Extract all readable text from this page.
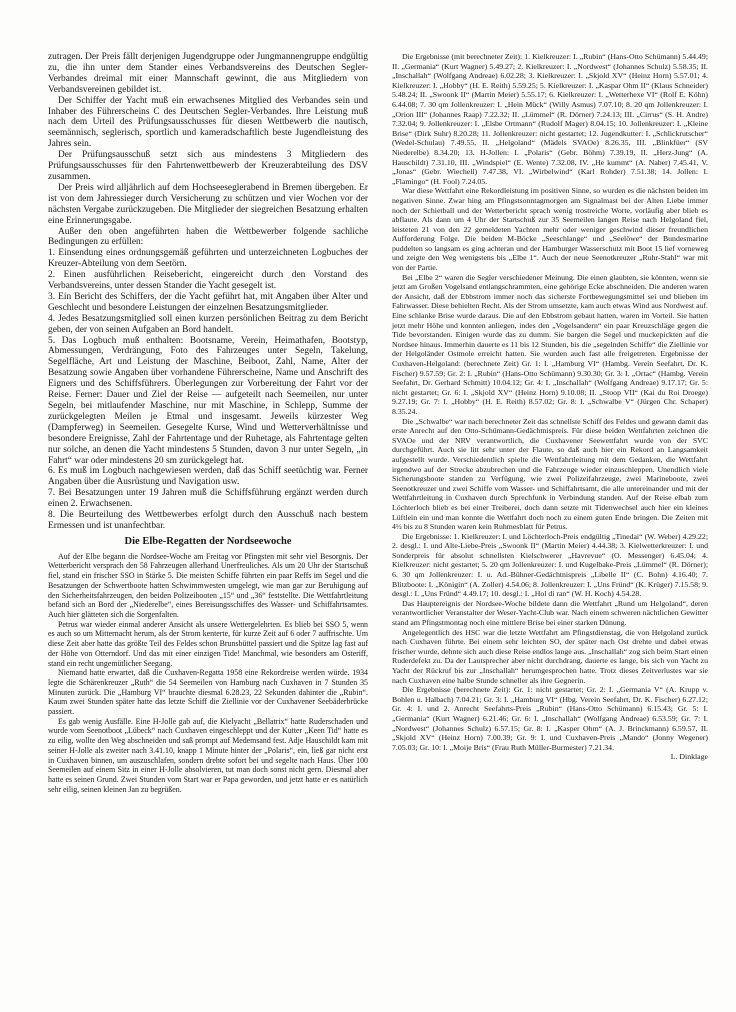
zutragen. Der Preis fällt derjenigen Jugendgruppe oder Jungmannengruppe endgültig zu, die ihn unter dem Stander eines Verbandsvereins des Deutschen Segler-Verbandes dreimal mit einer Mannschaft gewinnt, die aus Mitgliedern von Verbandsvereinen gebildet ist.

Der Schiffer der Yacht muß ein erwachsenes Mitglied des Verbandes sein und Inhaber des Führerscheins C des Deutschen Segler-Verbandes. Ihre Leistung muß nach dem Urteil des Prüfungsausschusses für diesen Wettbewerb die nautisch, seemännisch, seglerisch, sportlich und kameradschaftlich beste Jugendleistung des Jahres sein.

Der Prüfungsausschuß setzt sich aus mindestens 3 Mitgliedern des Prüfungsausschusses für den Fahrtenwettbewerb der Kreuzerabteilung des DSV zusammen.

Der Preis wird alljährlich auf dem Hochseeseglerabend in Bremen übergeben. Er ist von dem Jahressieger durch Versicherung zu schützen und vier Wochen vor der nächsten Vergabe zurückzugeben. Die Mitglieder der siegreichen Besatzung erhalten eine Erinnerungsgabe.

Außer den oben angeführten haben die Wettbewerber folgende sachliche Bedingungen zu erfüllen:

1. Einsendung eines ordnungsgemäß geführten und unterzeichneten Logbuches der Kreuzer-Abteilung von dem Seetörn.

2. Einen ausführlichen Reisebericht, eingereicht durch den Vorstand des Verbandsvereins, unter dessen Stander die Yacht gesegelt ist.

3. Ein Bericht des Schiffers, der die Yacht geführt hat, mit Angaben über Alter und Geschlecht und besondere Leistungen der einzelnen Besatzungsmitglieder.

4. Jedes Besatzungsmitglied soll einen kurzen persönlichen Beitrag zu dem Bericht geben, der von seinen Aufgaben an Bord handelt.

5. Das Logbuch muß enthalten: Bootsname, Verein, Heimathafen, Bootstyp, Abmessungen, Verdrängung, Foto des Fahrzeuges unter Segeln, Takelung, Segelfläche, Art und Leistung der Maschine, Beiboot, Zahl, Name, Alter der Besatzung sowie Angaben über vorhandene Führerscheine, Name und Anschrift des Eigners und des Schiffsführers. Überlegungen zur Vorbereitung der Fahrt vor der Reise. Ferner: Dauer und Ziel der Reise — aufgeteilt nach Seemeilen, nur unter Segeln, bei mitlaufender Maschine, nur mit Maschine, in Schlepp, Summe der zurückgelegten Meilen je Etmal und insgesamt. Jeweils kürzester Weg (Dampferweg) in Seemeilen. Gesegelte Kurse, Wind und Wetterverhältnisse und besondere Ereignisse, Zahl der Fahrtentage und der Ruhetage, als Fahrtentage gelten nur solche, an denen die Yacht mindestens 5 Stunden, davon 3 nur unter Segeln, „in Fahrt“ war oder mindestens 20 sm zurückgelegt hat.

6. Es muß im Logbuch nachgewiesen werden, daß das Schiff seetüchtig war. Ferner Angaben über die Ausrüstung und Navigation usw.

7. Bei Besatzungen unter 19 Jahren muß die Schiffsführung ergänzt werden durch einen 2. Erwachsenen.

8. Die Beurteilung des Wettbewerbes erfolgt durch den Ausschuß nach bestem Ermessen und ist unanfechtbar.

Die Elbe-Regatten der Nordseewoche

Auf der Elbe begann die Nordsee-Woche am Freitag vor Pfingsten mit sehr viel Besorgnis. Der Wetterbericht versprach den 58 Fahrzeugen allerhand Unerfreuliches. Als um 20 Uhr der Startschuß fiel, stand ein frischer SSO in Stärke 5. Die meisten Schiffe führten ein paar Reffs im Segel und die Besatzungen der Schwertboote hatten Schwimmwesten umgelegt, wie man gar zur Beruhigung auf den Sicherheitsfahrzeugen, den beiden Polizeibooten „15“ und „36“ feststellte. Die Wettfahrtleitung befand sich an Bord der „Niederelbe“, eines Bereisungsschiffes des Wasser- und Schiffahrtsamtes. Auch hier glätteten sich die Sorgenfalten.

Petrus war wieder einmal anderer Ansicht als unsere Wettergelehrten. Es blieb bei SSO 5, wenn es auch so um Mitternacht herum, als der Strom kenterte, für kurze Zeit auf 6 oder 7 auffrischte. Um diese Zeit aber hatte das größte Teil des Feldes schon Brunsbüttel passiert und die Spitze lag fast auf der Höhe von Otterndorf. Und das mit einer einzigen Tide! Manchmal, wie besonders am Osteriff, stand ein recht ungemütlicher Seegang.

Niemand hatte erwartet, daß die Cuxhaven-Regatta 1958 eine Rekordreise werden würde. 1934 legte die Schärenkreuzer „Ruth“ die 54 Seemeilen von Hamburg nach Cuxhaven in 7 Stunden 35 Minuten zurück. Die „Hamburg VI“ brauchte diesmal 6.28.23, 22 Sekunden dahinter die „Rubin“. Kaum zwei Stunden später hatte das letzte Schiff die Ziellinie vor der Cuxhavener Seebäderbrücke passiert.

Es gab wenig Ausfälle. Eine H-Jolle gab auf, die Kielyacht „Bellatrix“ hatte Ruderschaden und wurde vom Seenotboot „Lübeck“ nach Cuxhaven eingeschleppt und der Kutter „Keen Tid“ hatte es zu eilig, wollte den Weg abschneiden und saß prompt auf Medemsand fest. Adje Hauschildt kam mit seiner H-Jolle als zweiter nach 3.41.10, knapp 1 Minute hinter der „Polaris“, ein, ließ gar nicht erst in Cuxhaven binnen, um auszuschlafen, sondern drehte sofort bei und segelte nach Haus. Über 100 Seemeilen auf einem Sitz in einer H-Jolle absolvieren, tut man doch sonst nicht gern. Diesmal aber hatte es seinen Grund. Zwei Stunden vom Start war er Papa geworden, und jetzt hatte er es natürlich sehr eilig, seinen kleinen Jan zu begrüßen.

Die Ergebnisse (mit berechneter Zeit): 1. Kielkreuzer: I. „Rubin“ (Hans-Otto Schümann) 5.44.49; II. „Germania“ (Kurt Wagner) 5.49.27; 2. Kielkreuzer: I. „Nordwest“ (Johannes Schulz) 5.58.35; II. „Inschallah“ (Wolfgang Andreae) 6.02.28; 3. Kielkreuzer: I. „Skjold XV“ (Heinz Horn) 5.57.01; 4. Kielkreuzer: I. „Hobby“ (H. E. Reith) 5.59.25; 5. Kielkreuzer: I. „Kaspar Ohm II“ (Klaus Schneider) 5.48.24; II. „Swoonk II“ (Martin Meier) 5.55.17; 6. Kielkreuzer: I. „Wetterhexe VI“ (Rolf E. Köhn) 6.44.08; 7. 30 qm Jollenkreuzer: I. „Hein Mück“ (Willy Asmus) 7.07.10; 8. 20 qm Jollenkreuzer: I. „Orion III“ (Johannes Raap) 7.22.32; II. „Lümmel“ (R. Dörner) 7.24.13; III. „Cirrus“ (S. H. Andre) 7.32.04; 9. Jollenkreuzer: I. „Elsbe Ortmann“ (Rudolf Mager) 8.04.15; 10. Jollenkreuzer: I. „Kleine Brise“ (Dirk Suhr) 8.20.28; 11. Jollenkreuzer: nicht gestartet; 12. Jugendkutter: I. „Schlickrutscher“ (Wedel-Schulau) 7.49.55, II. „Helgoland“ (Mädels SVAOe) 8.26.35, III. „Blinkfüer“ (SV Niederelbe) 8.34.20; 13. H-Jollen: I. „Polaris“ (Gebr. Böhm) 7.39.19, II. „Herz-Jung“ (A. Hauschildt) 7.31.10, III. „Windspiel“ (E. Wente) 7.32.08, IV. „He kummt“ (A. Naber) 7.45.41, V. „Jonas“ (Gebr. Wiechell) 7.47.38, VI. „Wirbelwind“ (Karl Rohder) 7.51.38; 14. Jollen: I. „Flamingo“ (H. Fool) 7.24.05.

War diese Wettfahrt eine Rekordleistung im positiven Sinne, so wurden es die nächsten beiden im negativen Sinne. Zwar hing am Pfingstsonntagmorgen am Signalmast bei der Alten Liebe immer noch der Schietball und der Wetterbericht sprach wenig trostreiche Worte, vorläufig aber blieb es abflaute. Als dann um 4 Uhr der Startschuß zur 35 Seemeilen langen Reise nach Helgoland fiel, leisteten 21 von den 22 gemeldeten Yachten mehr oder weniger geschwind dieser freundlichen Aufforderung Folge. Die beiden M-Böcke „Seeschlange“ und „Seelöwe“ der Bundesmarine puddelten so langsam es ging achteran und der Hamburger Wasserschutz mit Boot 15 lief vorneweg und zeigte den Weg wenigstens bis „Elbe 1“. Auch der neue Seenotkreuzer „Ruhr-Stahl“ war mit von der Partie.

Bei „Elbe 2“ waren die Segler verschiedener Meinung. Die einen glaubten, sie könnten, wenn sie jetzt am Großen Vogelsand entlangschrammten, eine gehörige Ecke abschneiden. Die anderen waren der Ansicht, daß der Ebbstrom immer noch das sicherste Fortbewegungsmittel sei und blieben im Fahrwasser. Diese behielten Recht. Als der Strom umsetzte, kam auch etwas Wind aus Nordwest auf. Eine schlanke Brise wurde daraus. Die auf den Ebbstrom gebaut hatten, waren im Vorteil. Sie hatten jetzt mehr Höhe und konnten anliegen, indes den „Vogelsandern“ ein paar Kreuzschläge gegen die Tide bevorstanden. Einigen wurde das zu dumm. Sie bargen die Segel und muckepickten auf die Nordsee hinaus. Immerhin dauerte es 11 bis 12 Stunden, bis die „segelnden Schiffe“ die Ziellinie vor der Helgoländer Ostmole erreicht hatten. Sie wurden auch fast alle freigetreten. Ergebnisse der Cuxhaven-Helgoland: (berechnete Zeit) Gr. 1: I. „Hamburg VI“ (Hambg. Verein Seefahrt, Dr. K. Fischer) 9.57.59; Gr. 2: I. „Rubin“ (Hans-Otto Schümann) 9.30.30; Gr. 3: I. „Ortac“ (Hambg. Verein Seefahrt, Dr. Gerhard Schmitt) 10.04.12; Gr. 4: I. „Inschallah“ (Wolfgang Andreae) 9.17.17; Gr. 5: nicht gestartet; Gr. 6: I. „Skjold XV“ (Heinz Horn) 9.10.08; II. „Stoop VII“ (Kai du Roi Droege) 9.27.19; Gr. 7: I. „Hobby“ (H. E. Reith) 8.57.02; Gr. 8: I. „Schwalbe V“ (Jürgen Chr. Schaper) 8.35.24.

Die „Schwalbe“ war nach berechneter Zeit das schnellste Schiff des Feldes und gewann damit das erste Anrecht auf den Otto-Schümann-Gedächtnispreis. Für diese beiden Wettfahrten zeichnen die SVAOe und der NRV verantwortlich, die Cuxhavener Seewettfahrt wurde von der SVC durchgeführt. Auch sie litt sehr unter der Flaute, so daß auch hier ein Rekord an Langsamkeit aufgestellt wurde. Verschiedentlich spielte die Wettfahrtleitung mit dem Gedanken, die Wettfahrt irgendwo auf der Strecke abzubrechen und die Fahrzeuge wieder einzuschleppen. Unendlich viele Sicherungsboote standen zu Verfügung, wie zwei Polizeifahrzeuge, zwei Marineboote, zwei Seenotkreuzer und zwei Schiffe vom Wasser- und Schiffahrtsamt, die alle untereinander und mit der Wettfahrtleitung in Cuxhaven durch Sprechfunk in Verbindung standen. Auf der Reise elbab zum Löchterloch blieb es bei einer Treiberei, doch dann setzte mit Tidenwechsel auch hier ein kleines Lüftlein ein und man konnte die Wettfahrt doch noch zu einem guten Ende bringen. Die Zeiten mit 4½ bis zu 8 Stunden waren kein Ruhmesblatt für Petrus.

Die Ergebnisse: 1. Kielkreuzer: I. und Löchterloch-Preis endgültig „Tinedai“ (W. Weber) 4.29.22; 2. desgl.: I. und Alte-Liebe-Preis „Swoonk II“ (Martin Meier) 4.44.38; 3. Kielwetterkreuzer: I. und Sonderpreis für absolut schnellsten Kielschwerer „Havrevue“ (O. Messenger) 6.45.04; 4. Kielkreuzer: nicht gestartet; 5. 20 qm Jollenkreuzer: I. und Kugelbake-Preis „Lümmel“ (R. Dörner); 6. 30 qm Jollenkreuzer: I. u. Ad.-Bühner-Gedächtnispreis „Libelle II“ (C. Bohn) 4.16.40; 7. Blitzboote: I. „Königin“ (A. Zoller) 4.54.06; 8. Jollenkreuzer: I. „Uns Fründ“ (K. Krüger) 7.15.58; 9. desgl.: I. „Uns Fründ“ 4.49.17; 10. desgl.: I. „Hol di ran“ (W. H. Koch) 4.54.28.

Das Hauptereignis der Nordsee-Woche bildete dann die Wettfahrt „Rund um Helgoland“, deren verantwortlicher Veranstalter der Weser-Yacht-Club war. Nach einem schweren nächtlichen Gewitter stand am Pfingstmontag noch eine mittlere Brise bei einer starken Dünung.

Angelegentlich des HSC war die letzte Wettfahrt am Pfingstdienstag, die von Helgoland zurück nach Cuxhaven führte. Bei einem sehr leichten SO, der später nach Ost drehte und dabei etwas frischer wurde, dehnte sich auch diese Reise endlos lange aus. „Inschallah“ zog sich beim Start einen Ruderdefekt zu. Da der Lautsprecher aber nicht durchdrang, dauerte es lange, bis sich von Yacht zu Yacht der Rückruf bis zur „Inschallah“ herumgesprochen hatte. Trotz dieses Zeitverlustes war sie nach Cuxhaven eine halbe Stunde schneller als ihre Gegnerin.

Die Ergebnisse (berechnete Zeit): Gr. 1: nicht gestartet; Gr. 2: I. „Germania V“ (A. Krupp v. Bohlen u. Halbach) 7.04.21; Gr. 3: I. „Hamburg VI“ (Hbg. Verein Seefahrt, Dr. K. Fischer) 6.27.12; Gr. 4: I. und 2. Anrecht Seefahrts-Preis „Rubin“ (Hans-Otto Schümann) 6.15.43; Gr. 5: I. „Germania“ (Kurt Wagner) 6.21.46; Gr. 6: I. „Inschallah“ (Wolfgang Andreae) 6.53.59; Gr. 7: I. „Nordwest“ (Johannes Schulz) 6.57.15; Gr. 8: I. „Kasper Ohm“ (A. J. Brinckmann) 6.59.57, II. „Skjold XV“ (Heinz Horn) 7.00.39; Gr. 9: I. und Cuxhaven-Preis „Mando“ (Jonny Wegener) 7.05.03; Gr. 10: I. „Moije Bris“ (Frau Ruth Müller-Burmester) 7.21.34.

L. Dinklage
